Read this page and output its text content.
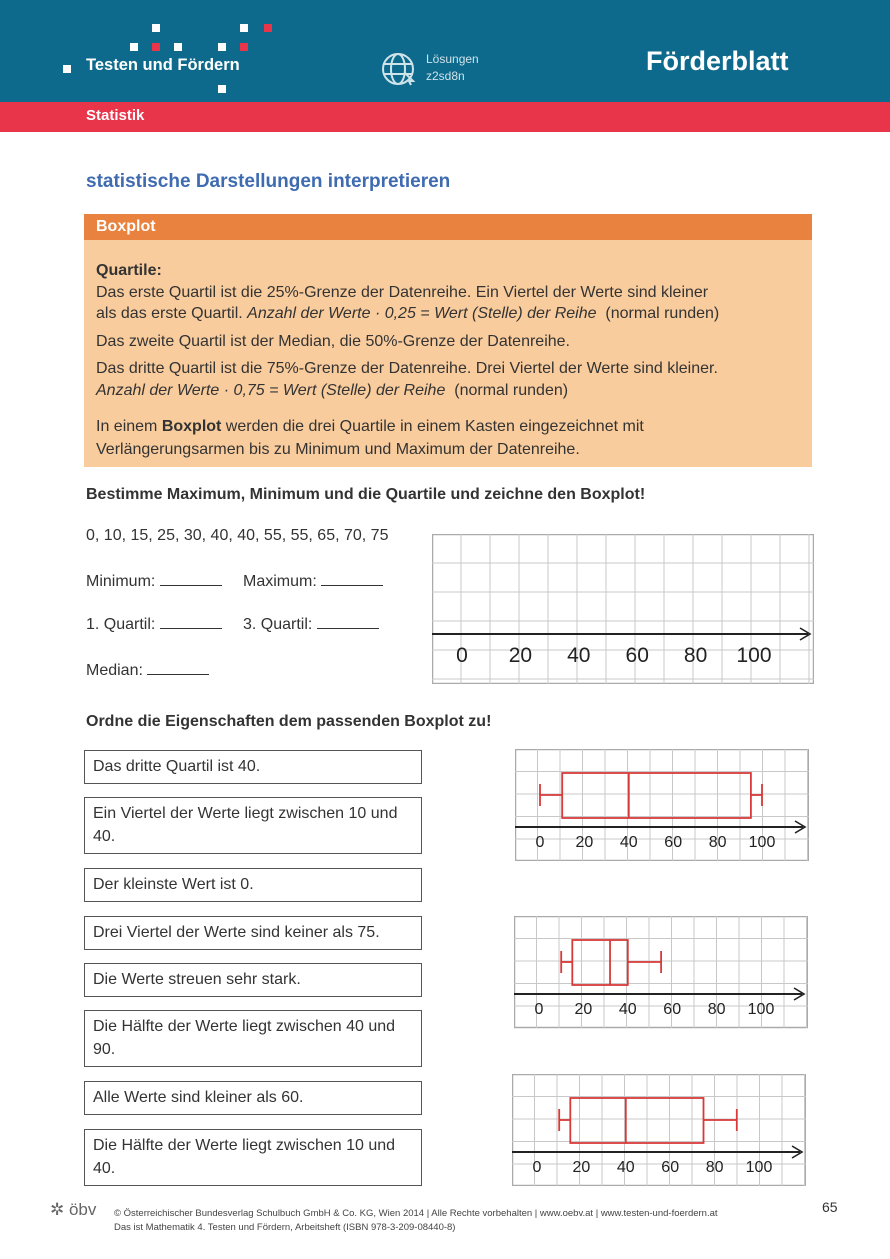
Testen und Fördern	Lösungen
z2sd8n	Förderblatt
Statistik
statistische Darstellungen interpretieren
Boxplot
Quartile:
Das erste Quartil ist die 25%-Grenze der Datenreihe. Ein Viertel der Werte sind kleiner
als das erste Quartil. Anzahl der Werte · 0,25 = Wert (Stelle) der Reihe (normal runden)
Das zweite Quartil ist der Median, die 50%-Grenze der Datenreihe.
Das dritte Quartil ist die 75%-Grenze der Datenreihe. Drei Viertel der Werte sind kleiner.
Anzahl der Werte · 0,75 = Wert (Stelle) der Reihe (normal runden)
In einem Boxplot werden die drei Quartile in einem Kasten eingezeichnet mit
Verlängerungsarmen bis zu Minimum und Maximum der Datenreihe.
Bestimme Maximum, Minimum und die Quartile und zeichne den Boxplot!
0, 10, 15, 25, 30, 40, 40, 55, 55, 65, 70, 75
Minimum:	Maximum:
1. Quartil:	3. Quartil:
Median:
0 20 40 60 80 100
Ordne die Eigenschaften dem passenden Boxplot zu!
Das dritte Quartil ist 40.
Ein Viertel der Werte liegt zwischen 10 und 40.
Der kleinste Wert ist 0.
Drei Viertel der Werte sind keiner als 75.
Die Werte streuen sehr stark.
Die Hälfte der Werte liegt zwischen 40 und 90.
Alle Werte sind kleiner als 60.
Die Hälfte der Werte liegt zwischen 10 und 40.
0 20 40 60 80 100
0 20 40 60 80 100
0 20 40 60 80 100
✲ öbv © Österreichischer Bundesverlag Schulbuch GmbH & Co. KG, Wien 2014 | Alle Rechte vorbehalten | www.oebv.at | www.testen-und-foerdern.at
Das ist Mathematik 4. Testen und Fördern, Arbeitsheft (ISBN 978-3-209-08440-8)
65
